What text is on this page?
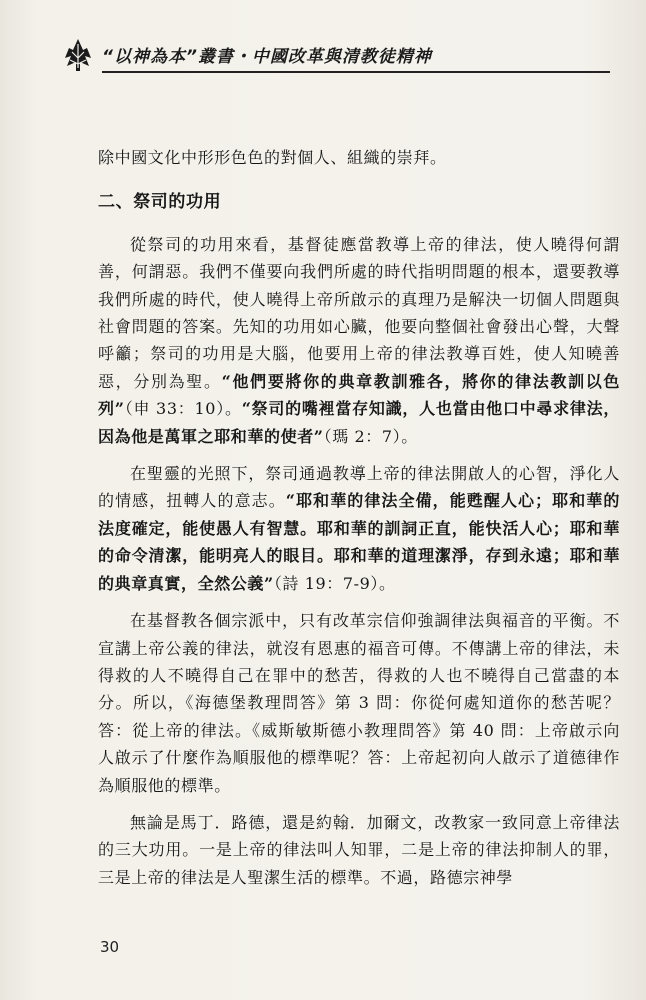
“以神為本”叢書・中國改革與清教徒精神

除中國文化中形形色色的對個人、組織的崇拜。

二、祭司的功用

從祭司的功用來看，基督徒應當教導上帝的律法，使人曉得何謂善，何謂惡。我們不僅要向我們所處的時代指明問題的根本，還要教導我們所處的時代，使人曉得上帝所啟示的真理乃是解決一切個人問題與社會問題的答案。先知的功用如心臟，他要向整個社會發出心聲，大聲呼籲；祭司的功用是大腦，他要用上帝的律法教導百姓，使人知曉善惡，分別為聖。“他們要將你的典章教訓雅各，將你的律法教訓以色列”（申 33：10）。“祭司的嘴裡當存知識，人也當由他口中尋求律法，因為他是萬軍之耶和華的使者”（瑪 2：7）。

在聖靈的光照下，祭司通過教導上帝的律法開啟人的心智，淨化人的情感，扭轉人的意志。“耶和華的律法全備，能甦醒人心；耶和華的法度確定，能使愚人有智慧。耶和華的訓詞正直，能快活人心；耶和華的命令清潔，能明亮人的眼目。耶和華的道理潔淨，存到永遠；耶和華的典章真實，全然公義”（詩 19：7-9）。

在基督教各個宗派中，只有改革宗信仰強調律法與福音的平衡。不宣講上帝公義的律法，就沒有恩惠的福音可傳。不傳講上帝的律法，未得救的人不曉得自己在罪中的愁苦，得救的人也不曉得自己當盡的本分。所以，《海德堡教理問答》第 3 問：你從何處知道你的愁苦呢？答：從上帝的律法。《威斯敏斯德小教理問答》第 40 問：上帝啟示向人啟示了什麼作為順服他的標準呢？答：上帝起初向人啟示了道德律作為順服他的標準。

無論是馬丁．路德，還是約翰．加爾文，改教家一致同意上帝律法的三大功用。一是上帝的律法叫人知罪，二是上帝的律法抑制人的罪，三是上帝的律法是人聖潔生活的標準。不過，路德宗神學

30
